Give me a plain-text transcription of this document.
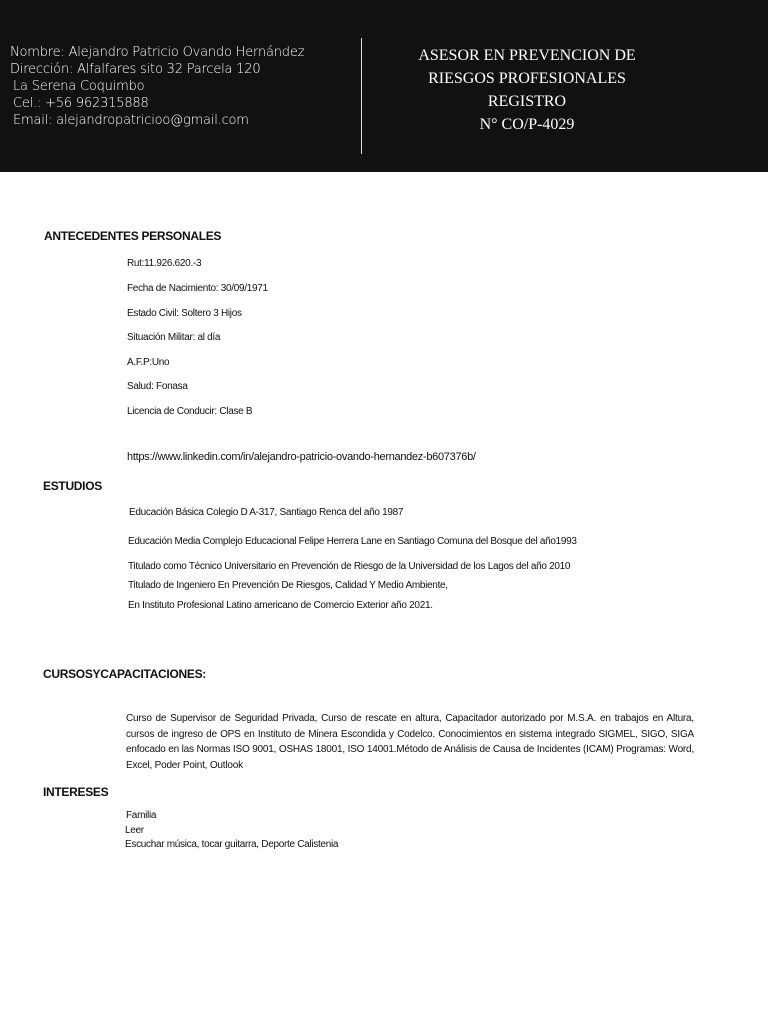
Nombre: Alejandro Patricio Ovando Hernández
Dirección: Alfalfares sito 32 Parcela 120
La Serena Coquimbo
Cel.: +56 962315888
Email: alejandropatricioo@gmail.com
ASESOR EN PREVENCION DE
RIESGOS PROFESIONALES
REGISTRO
N° CO/P-4029
ANTECEDENTES PERSONALES
Rut:11.926.620.-3
Fecha de Nacimiento: 30/09/1971
Estado Civil: Soltero 3 Hijos
Situación Militar: al día
A.F.P:Uno
Salud: Fonasa
Licencia de Conducir: Clase B
https://www.linkedin.com/in/alejandro-patricio-ovando-hernandez-b607376b/
ESTUDIOS
Educación Básica Colegio D A-317, Santiago Renca del año 1987
Educación Media Complejo Educacional Felipe Herrera Lane en Santiago Comuna del Bosque del año1993
Titulado como Técnico Universitario en Prevención de Riesgo de la Universidad de los Lagos del año 2010
Titulado de Ingeniero En Prevención De Riesgos, Calidad Y Medio Ambiente,
En Instituto Profesional Latino americano de Comercio Exterior año 2021.
CURSOSYCAPACITACIONES:
Curso de Supervisor de Seguridad Privada, Curso de rescate en altura, Capacitador autorizado por M.S.A. en trabajos en Altura, cursos de ingreso de OPS en Instituto de Minera Escondida y Codelco. Conocimientos en sistema integrado SIGMEL, SIGO, SIGA enfocado en las Normas ISO 9001, OSHAS 18001, ISO 14001.Método de Análisis de Causa de Incidentes (ICAM) Programas: Word, Excel, Poder Point, Outlook
INTERESES
Familia
Leer
Escuchar música, tocar guitarra, Deporte Calistenia
